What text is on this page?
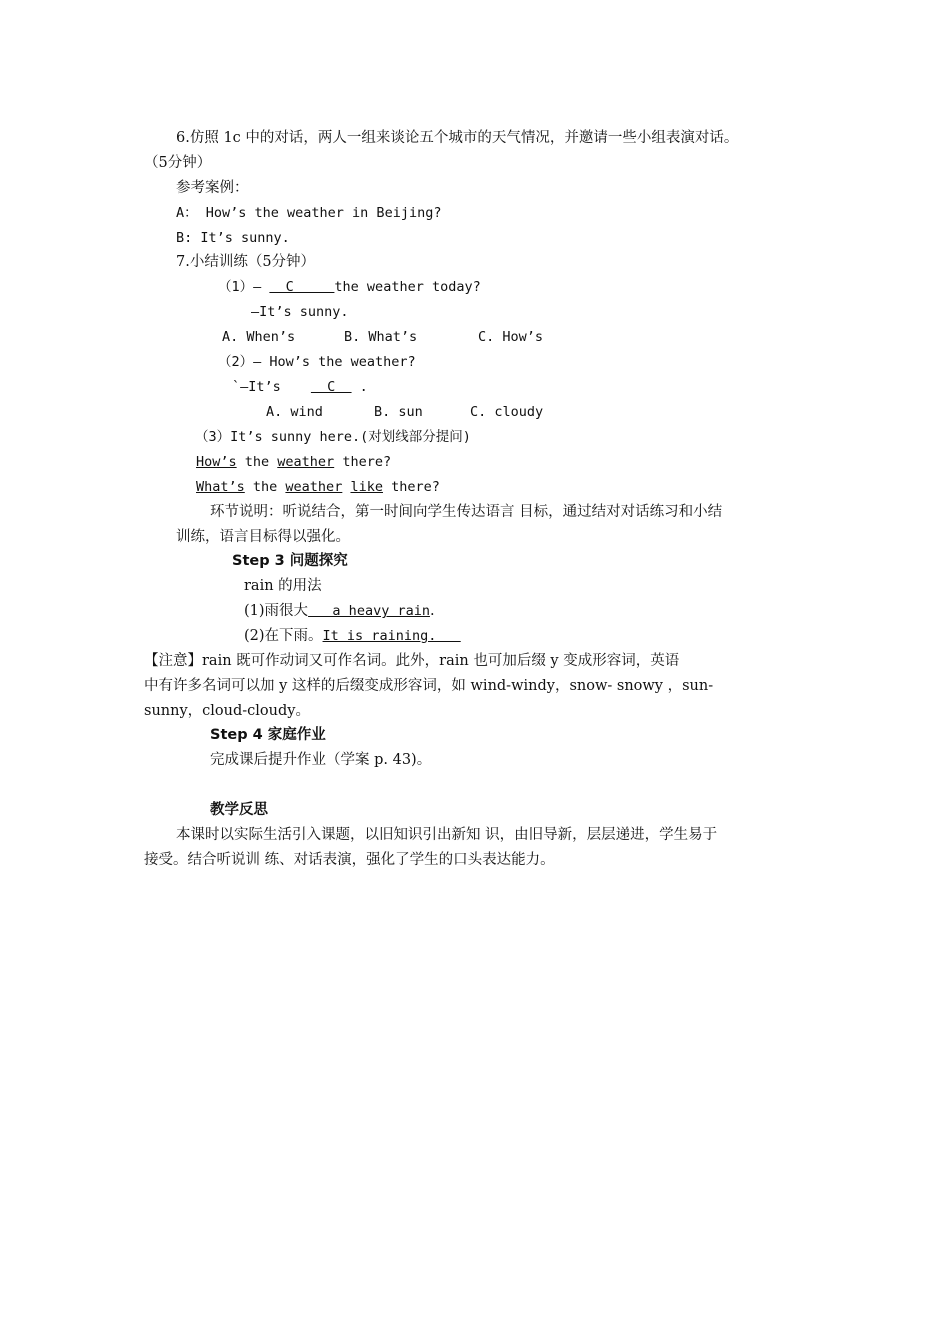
6.仿照 1c 中的对话，两人一组来谈论五个城市的天气情况，并邀请一些小组表演对话。
（5分钟）
参考案例：
A： How’s the weather in Beijing?
B: It’s sunny.
7.小结训练（5分钟）
（1）—   C     the weather today?
—It’s sunny.
A. When’s	B. What’s	C. How’s
（2）— How’s the weather?
`—It’s   C   .
A. wind	B. sun	C. cloudy
（3）It’s sunny here.(对划线部分提问)
How’s the weather there?
What’s the weather like there?
环节说明：听说结合，第一时间向学生传达语言 目标，通过结对对话练习和小结
训练，语言目标得以强化。
Step 3 问题探究
rain 的用法
(1)雨很大   a heavy rain.
(2)在下雨。It is raining.
【注意】rain 既可作动词又可作名词。此外，rain 也可加后缀 y 变成形容词，英语
中有许多名词可以加 y 这样的后缀变成形容词，如 wind-windy，snow- snowy ，sun-
sunny，cloud-cloudy。
Step 4 家庭作业
完成课后提升作业（学案 p. 43)。
教学反思
本课时以实际生活引入课题，以旧知识引出新知 识，由旧导新，层层递进，学生易于
接受。结合听说训 练、对话表演，强化了学生的口头表达能力。
